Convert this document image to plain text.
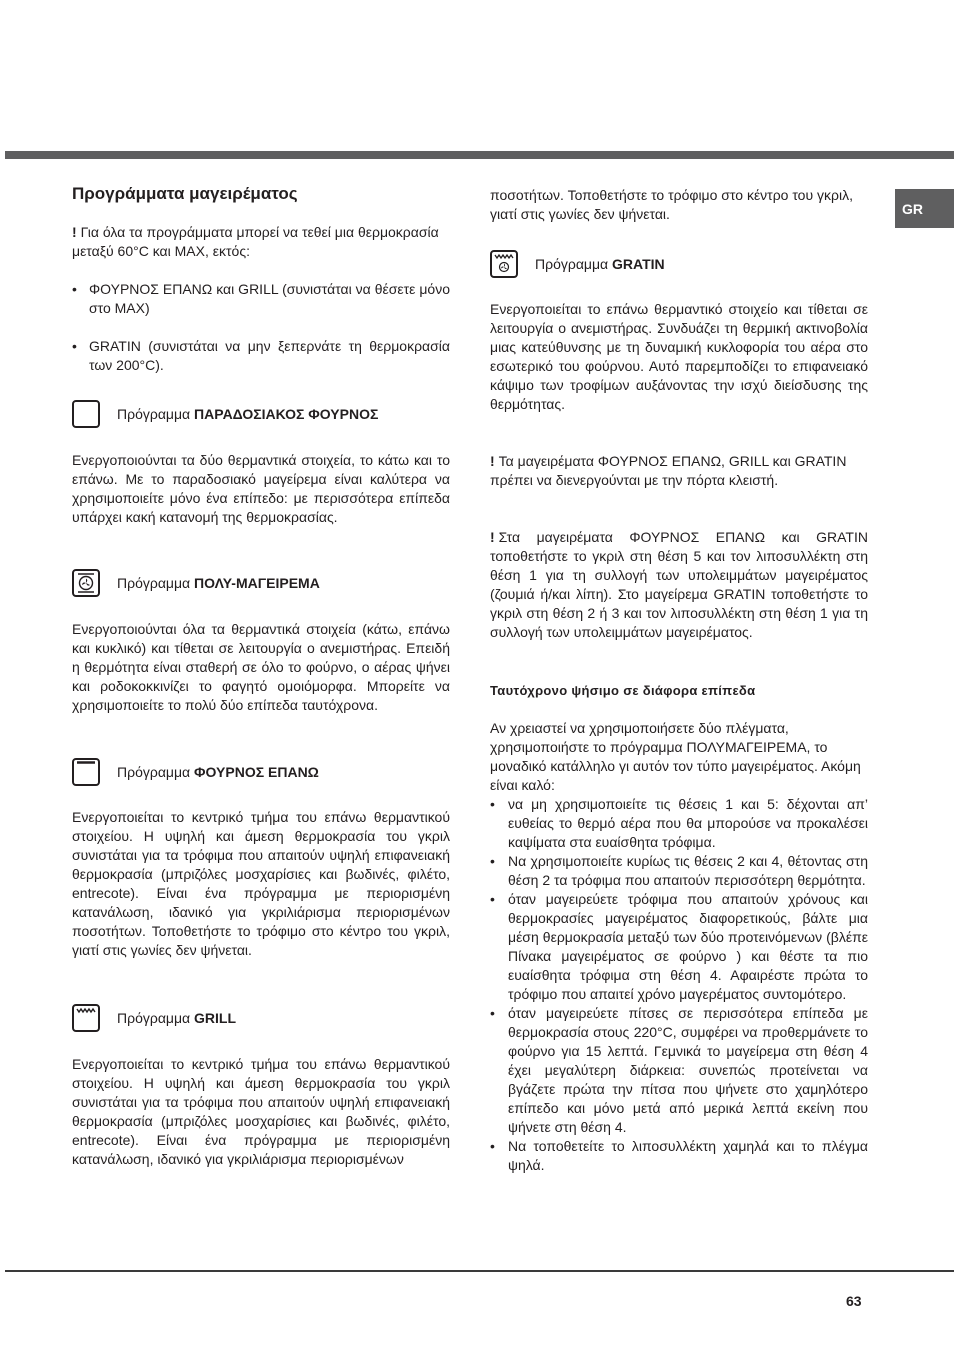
GR
Προγράμματα μαγειρέματος

! Για όλα τα προγράμματα μπορεί να τεθεί μια θερμοκρασία μεταξύ 60°C και MAX, εκτός:

• ΦΟΥΡΝΟΣ ΕΠΑΝΩ και GRILL (συνιστάται να θέσετε μόνο στο MAX)
• GRATIN (συνιστάται να μην ξεπερνάτε τη θερμοκρασία των 200°C).
Πρόγραμμα
ΠΑΡΑΔΟΣΙΑΚΟΣ ΦΟΥΡΝΟΣ

Ενεργοποιούνται τα δύο θερμαντικά στοιχεία, το κάτω και το επάνω. Με το παραδοσιακό μαγείρεμα είναι καλύτερα να χρησιμοποιείτε μόνο ένα επίπεδο: με περισσότερα επίπεδα υπάρχει κακή κατανομή της θερμοκρασίας.

Πρόγραμμα
ΠΟΛΥ-ΜΑΓΕΙΡΕΜΑ

Ενεργοποιούνται όλα τα θερμαντικά στοιχεία (κάτω, επάνω και κυκλικό) και τίθεται σε λειτουργία ο ανεμιστήρας. Επειδή η θερμότητα είναι σταθερή σε όλο το φούρνο, ο αέρας ψήνει και ροδοκοκκινίζει το φαγητό ομοιόμορφα. Μπορείτε να χρησιμοποιείτε το πολύ δύο επίπεδα ταυτόχρονα.

Πρόγραμμα
ΦΟΥΡΝΟΣ ΕΠΑΝΩ

Ενεργοποιείται το κεντρικό τμήμα του επάνω θερμαντικού στοιχείου. Η υψηλή και άμεση θερμοκρασία του γκριλ συνιστάται για τα τρόφιμα που απαιτούν υψηλή επιφανειακή θερμοκρασία (μπριζόλες μοσχαρίσιες και βωδινές, φιλέτο, entrecote). Είναι ένα πρόγραμμα με περιορισμένη κατανάλωση, ιδανικό για γκριλιάρισμα περιορισμένων ποσοτήτων. Τοποθετήστε το τρόφιμο στο κέντρο του γκριλ, γιατί στις γωνίες δεν ψήνεται.

Πρόγραμμα
GRILL

Ενεργοποιείται το κεντρικό τμήμα του επάνω θερμαντικού στοιχείου. Η υψηλή και άμεση θερμοκρασία του γκριλ συνιστάται για τα τρόφιμα που απαιτούν υψηλή επιφανειακή θερμοκρασία (μπριζόλες μοσχαρίσιες και βωδινές, φιλέτο, entrecote). Είναι ένα πρόγραμμα με περιορισμένη κατανάλωση, ιδανικό για γκριλιάρισμα περιορισμένων

ποσοτήτων. Τοποθετήστε το τρόφιμο στο κέντρο του γκριλ, γιατί στις γωνίες δεν ψήνεται.

Πρόγραμμα
GRATIN

Ενεργοποιείται το επάνω θερμαντικό στοιχείο και τίθεται σε λειτουργία ο ανεμιστήρας. Συνδυάζει τη θερμική ακτινοβολία μιας κατεύθυνσης με τη δυναμική κυκλοφορία του αέρα στο εσωτερικό του φούρνου. Αυτό παρεμποδίζει το επιφανειακό κάψιμο των τροφίμων αυξάνοντας την ισχύ διείσδυσης της θερμότητας.

! Τα μαγειρέματα ΦΟΥΡΝΟΣ ΕΠΑΝΩ, GRILL και GRATIN πρέπει να διενεργούνται με την πόρτα κλειστή.

! Στα μαγειρέματα ΦΟΥΡΝΟΣ ΕΠΑΝΩ και GRATIN τοποθετήστε το γκριλ στη θέση 5 και τον λιποσυλλέκτη στη θέση 1 για τη συλλογή των υπολειμμάτων μαγειρέματος (ζουμιά ή/και λίπη). Στο μαγείρεμα GRATIN τοποθετήστε το γκριλ στη θέση 2 ή 3 και τον λιποσυλλέκτη στη θέση 1 για τη συλλογή των υπολειμμάτων μαγειρέματος.

Ταυτόχρονο ψήσιμο σε διάφορα επίπεδα

Αν χρειαστεί να χρησιμοποιήσετε δύο πλέγματα, χρησιμοποιήστε το πρόγραμμα ΠΟΛΥΜΑΓΕΙΡΕΜΑ, το μοναδικό κατάλληλο γι αυτόν τον τύπο μαγειρέματος. Ακόμη είναι καλό:

• να μη χρησιμοποιείτε τις θέσεις 1 και 5: δέχονται απ’ ευθείας το θερμό αέρα που θα μπορούσε να προκαλέσει καψίματα στα ευαίσθητα τρόφιμα.
• Να χρησιμοποιείτε κυρίως τις θέσεις 2 και 4, θέτοντας στη θέση 2 τα τρόφιμα που απαιτούν περισσότερη θερμότητα.
• όταν μαγειρεύετε τρόφιμα που απαιτούν χρόνους και θερμοκρασίες μαγειρέματος διαφορετικούς, βάλτε μια μέση θερμοκρασία μεταξύ των δύο προτεινόμενων (βλέπε Πίνακα μαγειρέματος σε φούρνο ) και θέστε τα πιο ευαίσθητα τρόφιμα στη θέση 4. Αφαιρέστε πρώτα το τρόφιμο που απαιτεί χρόνο μαγερέματος συντομότερο.
• όταν μαγειρεύετε πίτσες σε περισσότερα επίπεδα με θερμοκρασία στους 220°C, συμφέρει να προθερμάνετε το φούρνο για 15 λεπτά. Γεμνικά το μαγείρεμα στη θέση 4 έχει μεγαλύτερη διάρκεια: συνεπώς προτείνεται να βγάζετε πρώτα την πίτσα που ψήνετε στο χαμηλότερο επίπεδο και μόνο μετά από μερικά λεπτά εκείνη που ψήνετε στη θέση 4.
• Να τοποθετείτε το λιποσυλλέκτη χαμηλά και το πλέγμα ψηλά.
63
